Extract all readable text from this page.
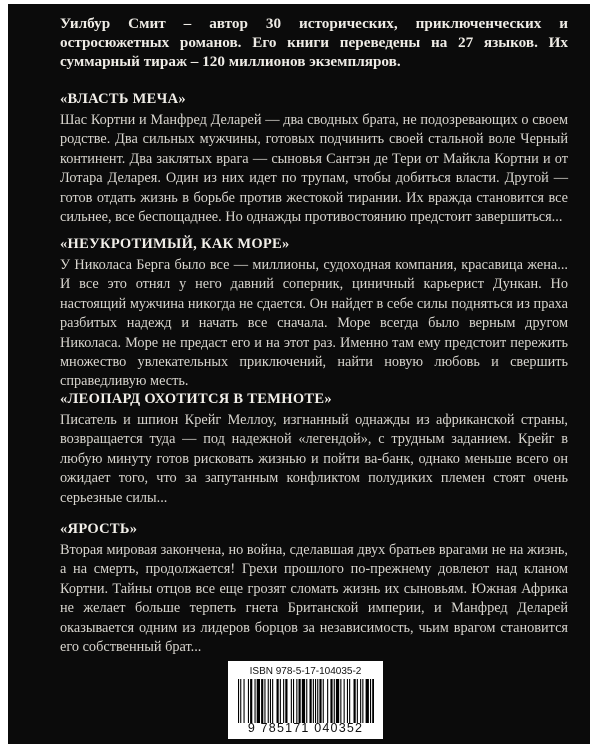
Уилбур Смит – автор 30 исторических, приключенческих и остросюжетных романов. Его книги переведены на 27 языков. Их суммарный тираж – 120 миллионов экземпляров.
«ВЛАСТЬ МЕЧА»
Шас Кортни и Манфред Деларей — два сводных брата, не подозревающих о своем родстве. Два сильных мужчины, готовых подчинить своей стальной воле Черный континент. Два заклятых врага — сыновья Сантэн де Тери от Майкла Кортни и от Лотара Деларея. Один из них идет по трупам, чтобы добиться власти. Другой — готов отдать жизнь в борьбе против жестокой тирании. Их вражда становится все сильнее, все беспощаднее. Но однажды противостоянию предстоит завершиться...
«НЕУКРОТИМЫЙ, КАК МОРЕ»
У Николаса Берга было все — миллионы, судоходная компания, красавица жена... И все это отнял у него давний соперник, циничный карьерист Дункан. Но настоящий мужчина никогда не сдается. Он найдет в себе силы подняться из праха разбитых надежд и начать все сначала. Море всегда было верным другом Николаса. Море не предаст его и на этот раз. Именно там ему предстоит пережить множество увлекательных приключений, найти новую любовь и свершить справедливую месть.
«ЛЕОПАРД ОХОТИТСЯ В ТЕМНОТЕ»
Писатель и шпион Крейг Меллоу, изгнанный однажды из африканской страны, возвращается туда — под надежной «легендой», с трудным заданием. Крейг в любую минуту готов рисковать жизнью и пойти ва-банк, однако меньше всего он ожидает того, что за запутанным конфликтом полудиких племен стоят очень серьезные силы...
«ЯРОСТЬ»
Вторая мировая закончена, но война, сделавшая двух братьев врагами не на жизнь, а на смерть, продолжается! Грехи прошлого по-прежнему довлеют над кланом Кортни. Тайны отцов все еще грозят сломать жизнь их сыновьям. Южная Африка не желает больше терпеть гнета Британской империи, и Манфред Деларей оказывается одним из лидеров борцов за независимость, чьим врагом становится его собственный брат...
ISBN 978-5-17-104035-2
9 785171 040352
